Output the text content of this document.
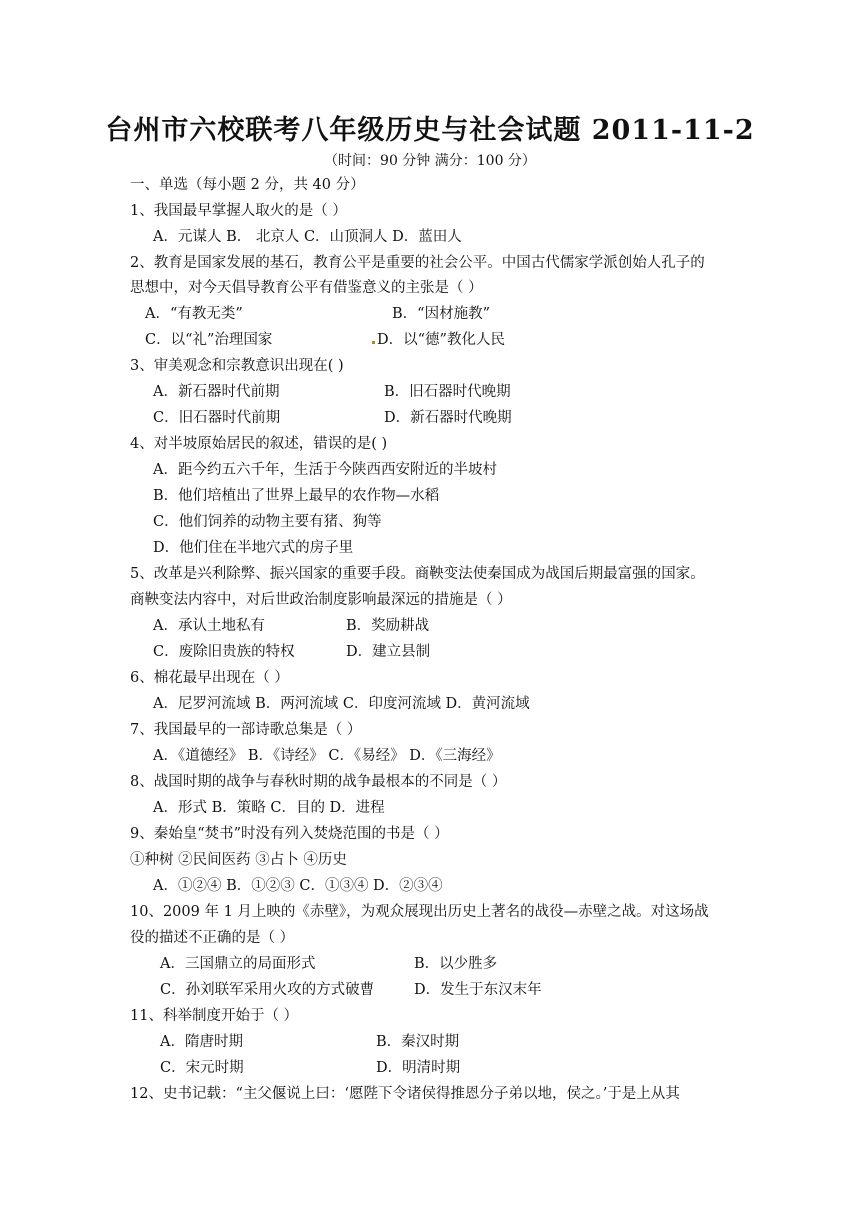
台州市六校联考八年级历史与社会试题 2011-11-2
（时间：90 分钟 满分：100 分）
一、单选（每小题 2 分，共 40 分）
1、我国最早掌握人取火的是（ ）
A．元谋人 B． 北京人 C．山顶洞人 D．蓝田人
2、教育是国家发展的基石，教育公平是重要的社会公平。中国古代儒家学派创始人孔子的
思想中，对今天倡导教育公平有借鉴意义的主张是（ ）
A．“有教无类”	B．“因材施教”
C．以“礼”治理国家	D．以“德”教化人民
3、审美观念和宗教意识出现在( )
A．新石器时代前期	B．旧石器时代晚期
C．旧石器时代前期	D．新石器时代晚期
4、对半坡原始居民的叙述，错误的是( )
A．距今约五六千年，生活于今陕西西安附近的半坡村
B．他们培植出了世界上最早的农作物—水稻
C．他们饲养的动物主要有猪、狗等
D．他们住在半地穴式的房子里
5、改革是兴利除弊、振兴国家的重要手段。商鞅变法使秦国成为战国后期最富强的国家。
商鞅变法内容中，对后世政治制度影响最深远的措施是（ ）
A．承认土地私有	B．奖励耕战
C．废除旧贵族的特权	D．建立县制
6、棉花最早出现在（ ）
A．尼罗河流域 B．两河流域 C．印度河流域 D．黄河流域
7、我国最早的一部诗歌总集是（ ）
A．《道德经》 B．《诗经》 C．《易经》 D．《三海经》
8、战国时期的战争与春秋时期的战争最根本的不同是（ ）
A．形式 B．策略 C．目的 D．进程
9、秦始皇“焚书”时没有列入焚烧范围的书是（ ）
①种树 ②民间医药 ③占卜 ④历史
A．①②④ B．①②③ C．①③④ D．②③④
10、2009 年 1 月上映的《赤壁》，为观众展现出历史上著名的战役—赤壁之战。对这场战
役的描述不正确的是（ ）
A．三国鼎立的局面形式	B．以少胜多
C．孙刘联军采用火攻的方式破曹	D．发生于东汉末年
11、科举制度开始于（ ）
A．隋唐时期	B．秦汉时期
C．宋元时期	D．明清时期
12、史书记载：“主父偃说上曰：‘愿陛下令诸侯得推恩分子弟以地，侯之。’于是上从其
